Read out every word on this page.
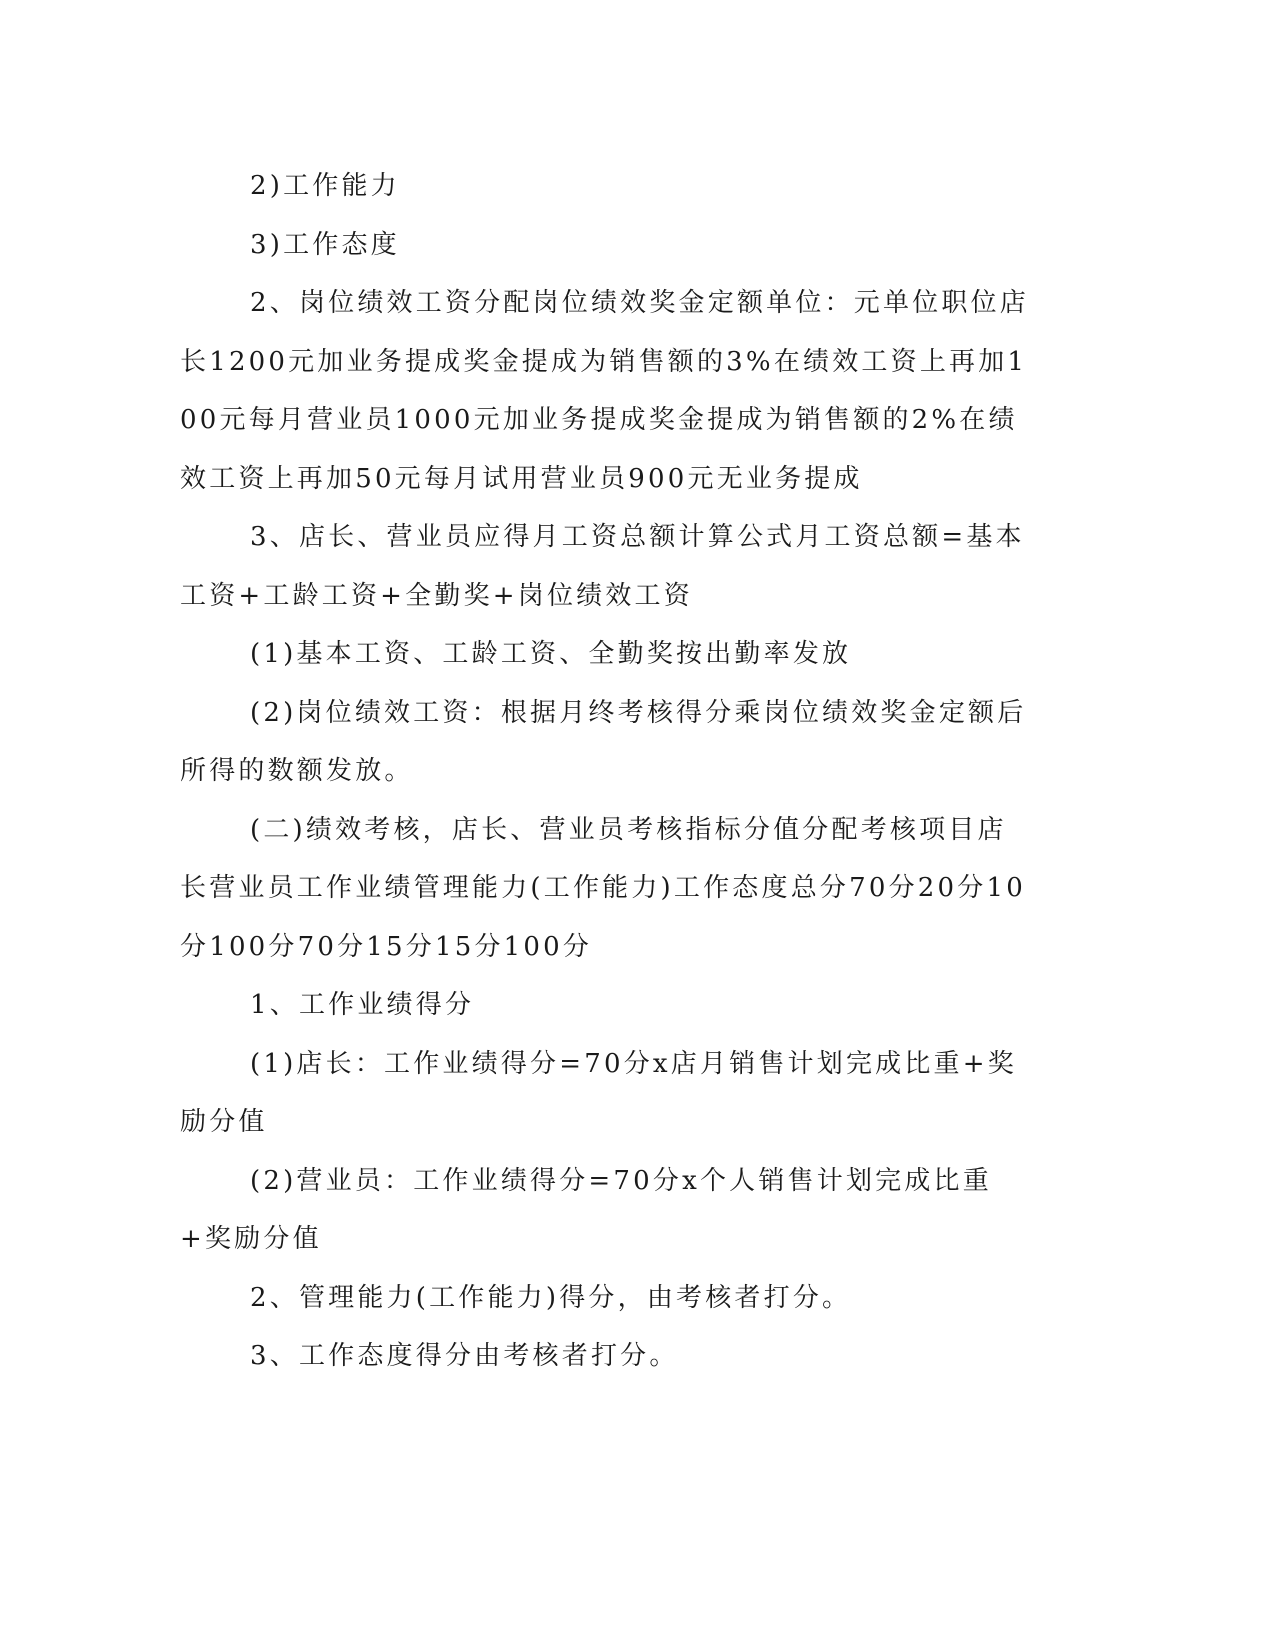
2)工作能力

3)工作态度

2、岗位绩效工资分配岗位绩效奖金定额单位：元单位职位店长1200元加业务提成奖金提成为销售额的3%在绩效工资上再加100元每月营业员1000元加业务提成奖金提成为销售额的2%在绩效工资上再加50元每月试用营业员900元无业务提成

3、店长、营业员应得月工资总额计算公式月工资总额=基本工资+工龄工资+全勤奖+岗位绩效工资

(1)基本工资、工龄工资、全勤奖按出勤率发放

(2)岗位绩效工资：根据月终考核得分乘岗位绩效奖金定额后所得的数额发放。

(二)绩效考核，店长、营业员考核指标分值分配考核项目店长营业员工作业绩管理能力(工作能力)工作态度总分70分20分10分100分70分15分15分100分

1、工作业绩得分

(1)店长：工作业绩得分=70分x店月销售计划完成比重+奖励分值

(2)营业员：工作业绩得分=70分x个人销售计划完成比重+奖励分值

2、管理能力(工作能力)得分，由考核者打分。

3、工作态度得分由考核者打分。
